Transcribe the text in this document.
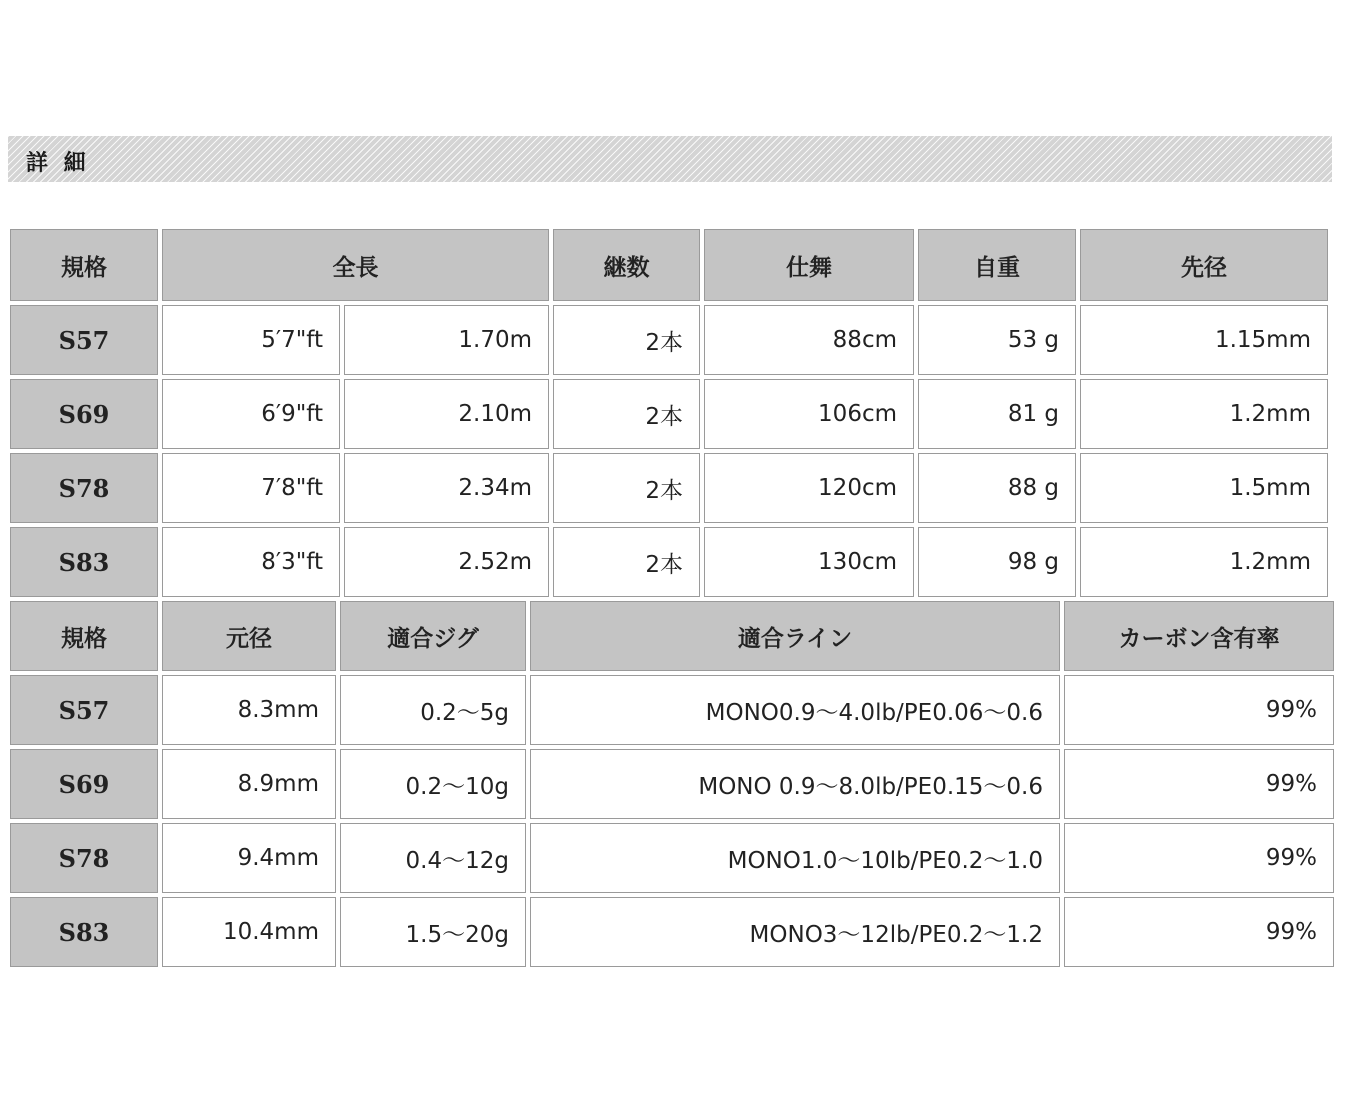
詳 細
規格	全長		継数	仕舞	自重	先径
S57	5′7"ft	1.70m	2本	88cm	53 g	1.15mm
S69	6′9"ft	2.10m	2本	106cm	81 g	1.2mm
S78	7′8"ft	2.34m	2本	120cm	88 g	1.5mm
S83	8′3"ft	2.52m	2本	130cm	98 g	1.2mm
規格	元径	適合ジグ	適合ライン	カーボン含有率
S57	8.3mm	0.2〜5g	MONO0.9〜4.0lb/PE0.06〜0.6	99%
S69	8.9mm	0.2〜10g	MONO 0.9〜8.0lb/PE0.15〜0.6	99%
S78	9.4mm	0.4〜12g	MONO1.0〜10lb/PE0.2〜1.0	99%
S83	10.4mm	1.5〜20g	MONO3〜12lb/PE0.2〜1.2	99%
